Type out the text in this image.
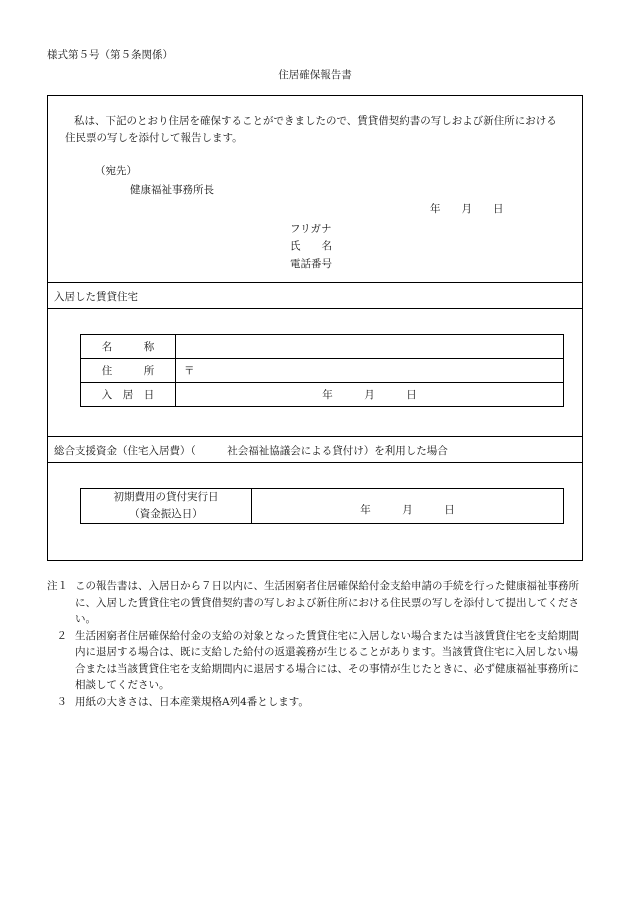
様式第５号（第５条関係）
住居確保報告書

私は、下記のとおり住居を確保することができましたので、賃貸借契約書の写しおよび新住所における

住民票の写しを添付して報告します。

（宛先）
健康福祉事務所長
年　　月　　日
フリガナ
氏　　名
電話番号
入居した賃貸住宅
名　　　称	
住　　　所	〒
入　居　日	年　　　月　　　日
総合支援資金（住宅入居費）（　　　社会福祉協議会による貸付け）を利用した場合
初期費用の貸付実行日
（資金振込日）	年　　　月　　　日
注１ この報告書は、入居日から７日以内に、生活困窮者住居確保給付金支給申請の手続を行った健康福祉事務所に、入居した賃貸住宅の賃貸借契約書の写しおよび新住所における住民票の写しを添付して提出してください。
２ 生活困窮者住居確保給付金の支給の対象となった賃貸住宅に入居しない場合または当該賃貸住宅を支給期間内に退居する場合は、既に支給した給付の返還義務が生じることがあります。当該賃貸住宅に入居しない場合または当該賃貸住宅を支給期間内に退居する場合には、その事情が生じたときに、必ず健康福祉事務所に相談してください。
３ 用紙の大きさは、日本産業規格A列4番とします。
